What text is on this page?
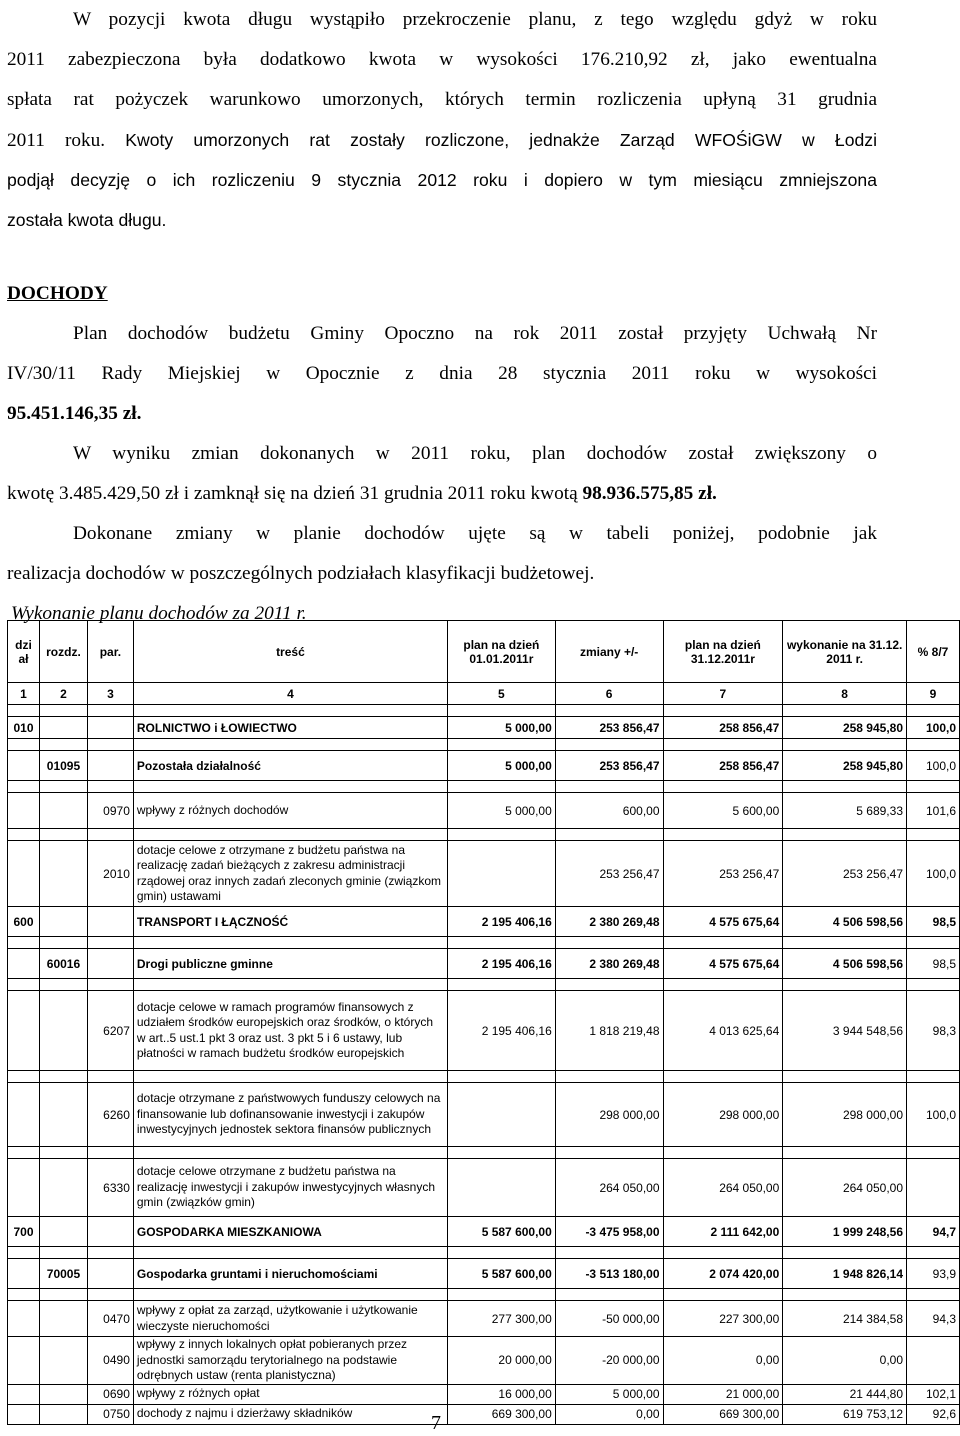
W pozycji kwota długu wystąpiło przekroczenie planu, z tego względu gdyż w roku
2011 zabezpieczona była dodatkowo kwota w wysokości 176.210,92 zł, jako ewentualna
spłata rat pożyczek warunkowo umorzonych, których termin rozliczenia upłyną 31 grudnia
2011 roku. Kwoty umorzonych rat zostały rozliczone, jednakże Zarząd WFOŚiGW w Łodzi
podjął decyzję o ich rozliczeniu 9 stycznia 2012 roku i dopiero w tym miesiącu zmniejszona
została kwota długu.
DOCHODY
Plan dochodów budżetu Gminy Opoczno na rok 2011 został przyjęty Uchwałą Nr
IV/30/11 Rady Miejskiej w Opocznie z dnia 28 stycznia 2011 roku w wysokości
95.451.146,35 zł.
W wyniku zmian dokonanych w 2011 roku, plan dochodów został zwiększony o
kwotę 3.485.429,50 zł i zamknął się na dzień 31 grudnia 2011 roku kwotą 98.936.575,85 zł.
Dokonane zmiany w planie dochodów ujęte są w tabeli poniżej, podobnie jak
realizacja dochodów w poszczególnych podziałach klasyfikacji budżetowej.
Wykonanie planu dochodów za 2011 r.
dzi ał	rozdz.	par.	treść	plan na dzień 01.01.2011r	zmiany +/-	plan na dzień 31.12.2011r	wykonanie na 31.12. 2011 r.	% 8/7
1	2	3	4	5	6	7	8	9

010			ROLNICTWO i ŁOWIECTWO	5 000,00	253 856,47	258 856,47	258 945,80	100,0

	01095		Pozostała działalność	5 000,00	253 856,47	258 856,47	258 945,80	100,0

		0970	wpływy z różnych dochodów	5 000,00	600,00	5 600,00	5 689,33	101,6

		2010	dotacje celowe z otrzymane z budżetu państwa na realizację zadań bieżących z zakresu administracji rządowej oraz innych zadań zleconych gminie (związkom gmin) ustawami		253 256,47	253 256,47	253 256,47	100,0
600			TRANSPORT I ŁĄCZNOŚĆ	2 195 406,16	2 380 269,48	4 575 675,64	4 506 598,56	98,5

	60016		Drogi publiczne gminne	2 195 406,16	2 380 269,48	4 575 675,64	4 506 598,56	98,5

		6207	dotacje celowe w ramach programów finansowych z udziałem środków europejskich oraz środków, o których w art..5 ust.1 pkt 3 oraz ust. 3 pkt 5 i 6 ustawy, lub płatności w ramach budżetu środków europejskich	2 195 406,16	1 818 219,48	4 013 625,64	3 944 548,56	98,3

		6260	dotacje otrzymane z państwowych funduszy celowych na finansowanie lub dofinansowanie inwestycji i zakupów inwestycyjnych jednostek sektora finansów publicznych		298 000,00	298 000,00	298 000,00	100,0

		6330	dotacje celowe otrzymane z budżetu państwa na realizację inwestycji i zakupów inwestycyjnych własnych gmin (związków gmin)		264 050,00	264 050,00	264 050,00	
700			GOSPODARKA MIESZKANIOWA	5 587 600,00	-3 475 958,00	2 111 642,00	1 999 248,56	94,7

	70005		Gospodarka gruntami i nieruchomościami	5 587 600,00	-3 513 180,00	2 074 420,00	1 948 826,14	93,9

		0470	wpływy z opłat za zarząd, użytkowanie i użytkowanie wieczyste nieruchomości	277 300,00	-50 000,00	227 300,00	214 384,58	94,3
		0490	wpływy z innych lokalnych opłat pobieranych przez jednostki samorządu terytorialnego na podstawie odrębnych ustaw (renta planistyczna)	20 000,00	-20 000,00	0,00	0,00	
		0690	wpływy z różnych opłat	16 000,00	5 000,00	21 000,00	21 444,80	102,1
		0750	dochody z najmu i dzierżawy składników	669 300,00	0,00	669 300,00	619 753,12	92,6
7
